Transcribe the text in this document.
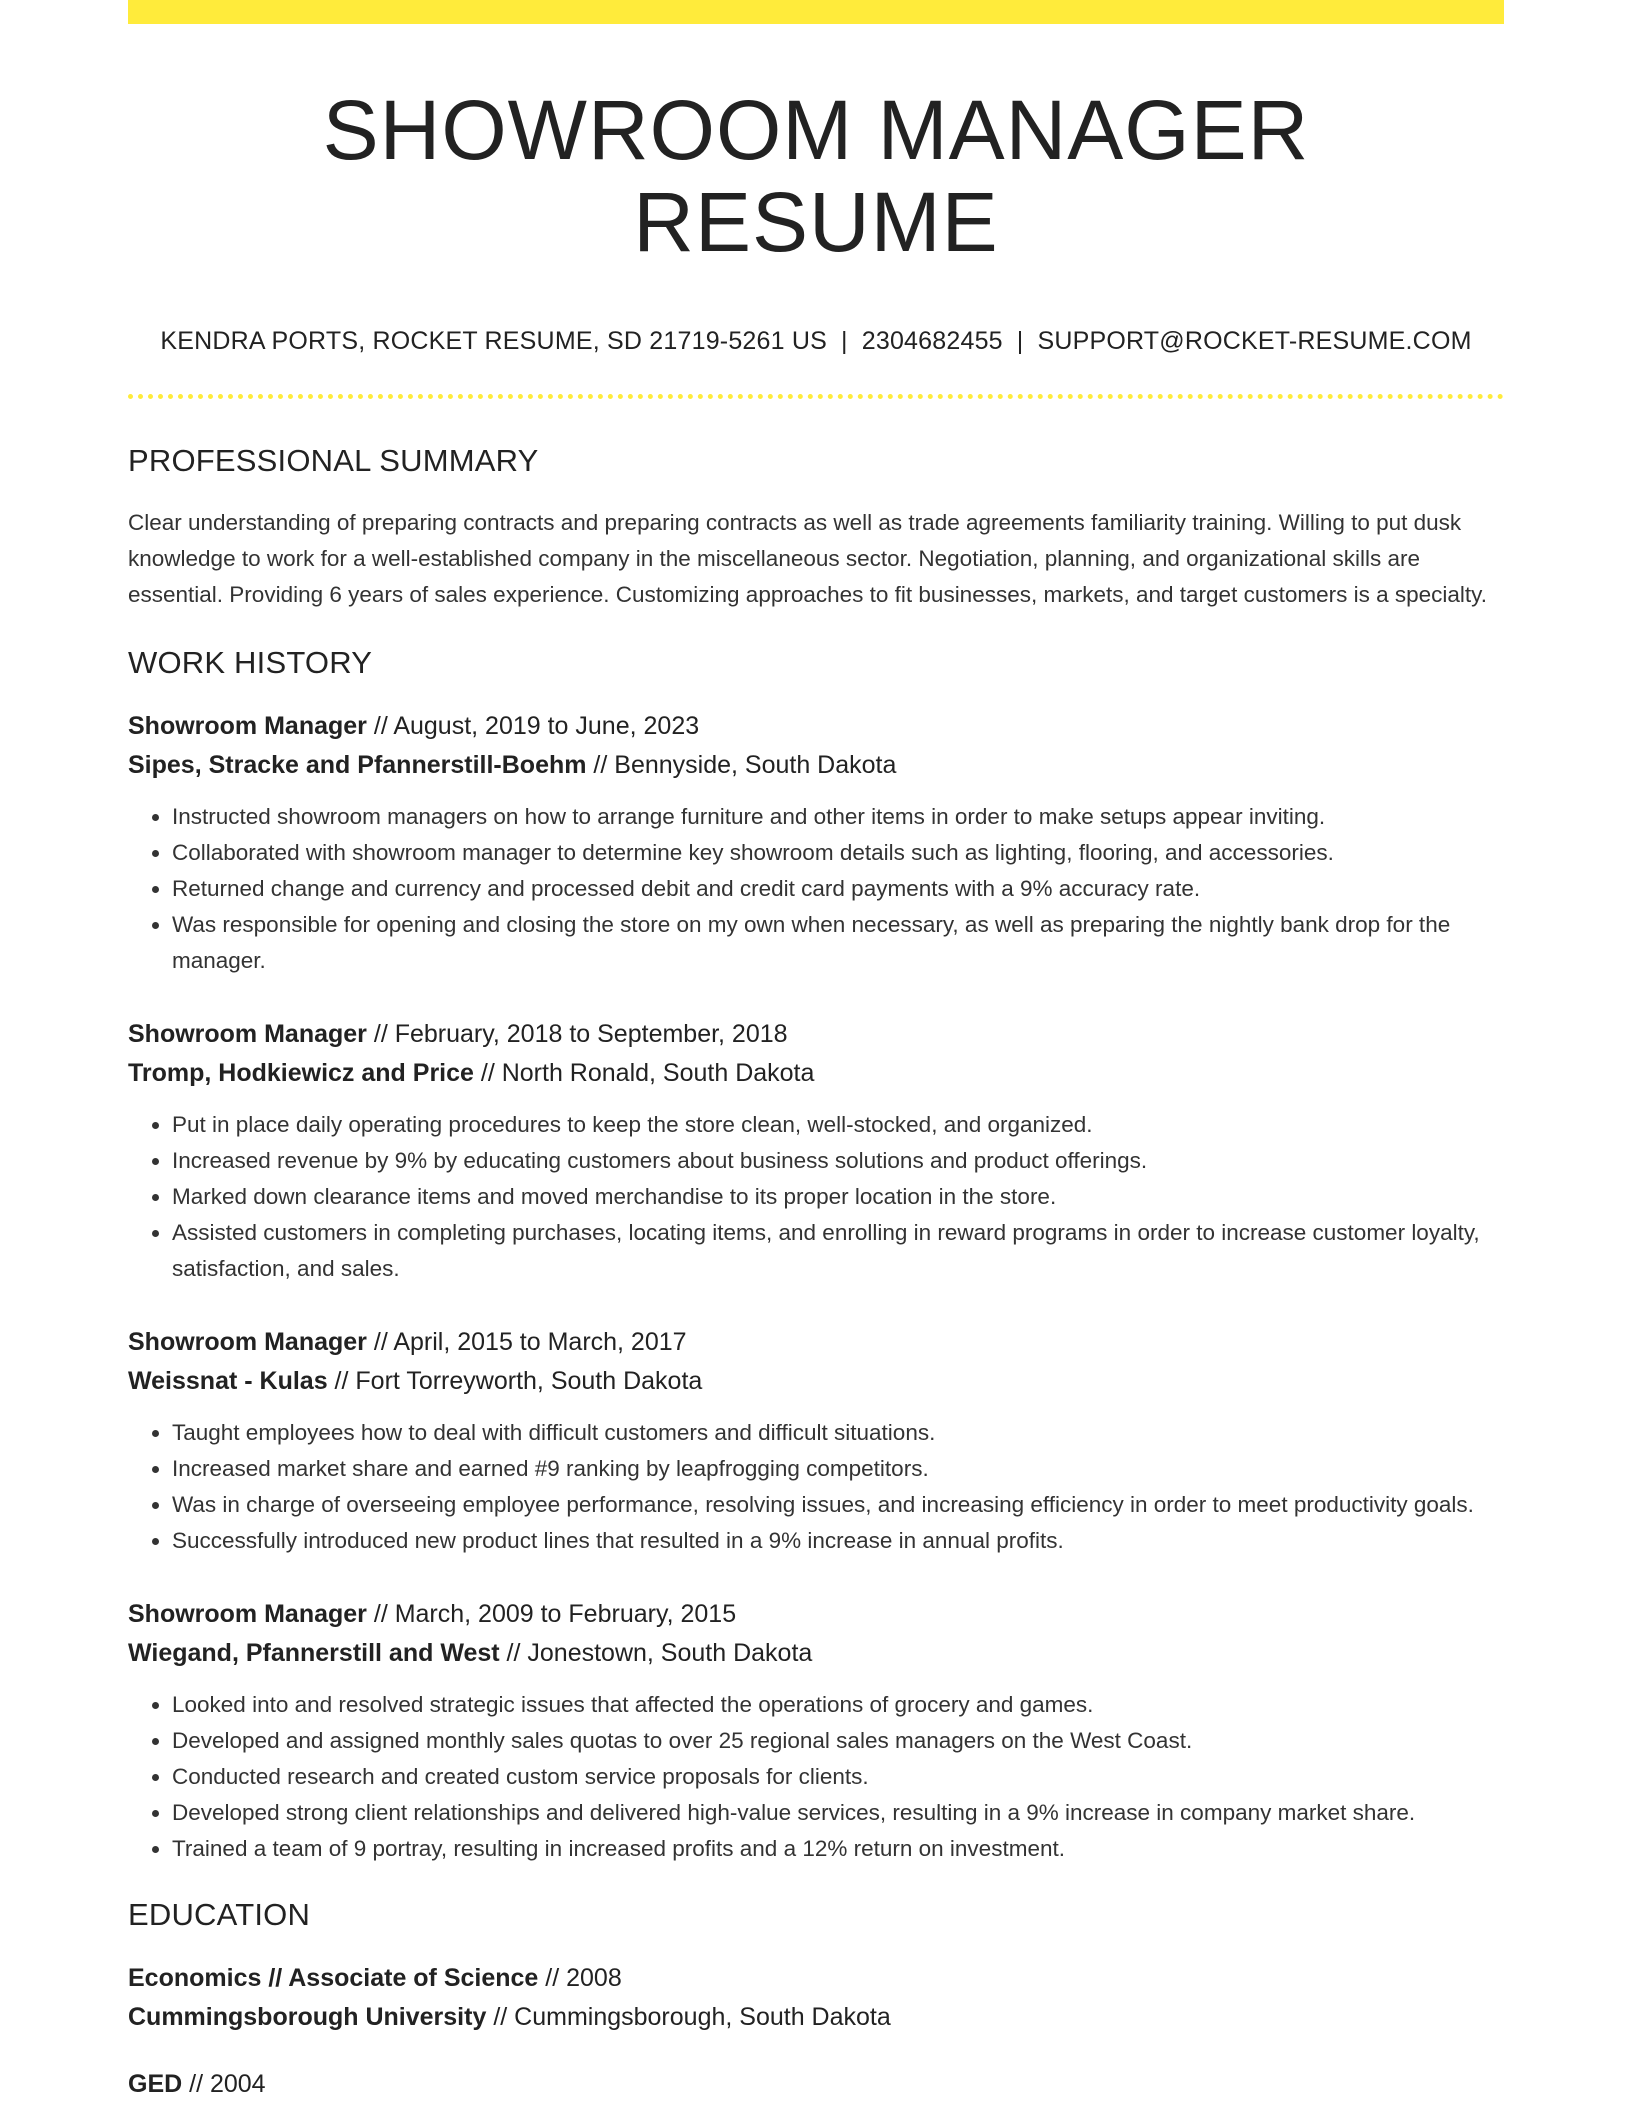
SHOWROOM MANAGER RESUME
KENDRA PORTS, ROCKET RESUME, SD 21719-5261 US | 2304682455 | SUPPORT@ROCKET-RESUME.COM
PROFESSIONAL SUMMARY
Clear understanding of preparing contracts and preparing contracts as well as trade agreements familiarity training. Willing to put dusk knowledge to work for a well-established company in the miscellaneous sector. Negotiation, planning, and organizational skills are essential. Providing 6 years of sales experience. Customizing approaches to fit businesses, markets, and target customers is a specialty.
WORK HISTORY
Showroom Manager // August, 2019 to June, 2023
Sipes, Stracke and Pfannerstill-Boehm // Bennyside, South Dakota
• Instructed showroom managers on how to arrange furniture and other items in order to make setups appear inviting.
• Collaborated with showroom manager to determine key showroom details such as lighting, flooring, and accessories.
• Returned change and currency and processed debit and credit card payments with a 9% accuracy rate.
• Was responsible for opening and closing the store on my own when necessary, as well as preparing the nightly bank drop for the manager.
Showroom Manager // February, 2018 to September, 2018
Tromp, Hodkiewicz and Price // North Ronald, South Dakota
• Put in place daily operating procedures to keep the store clean, well-stocked, and organized.
• Increased revenue by 9% by educating customers about business solutions and product offerings.
• Marked down clearance items and moved merchandise to its proper location in the store.
• Assisted customers in completing purchases, locating items, and enrolling in reward programs in order to increase customer loyalty, satisfaction, and sales.
Showroom Manager // April, 2015 to March, 2017
Weissnat - Kulas // Fort Torreyworth, South Dakota
• Taught employees how to deal with difficult customers and difficult situations.
• Increased market share and earned #9 ranking by leapfrogging competitors.
• Was in charge of overseeing employee performance, resolving issues, and increasing efficiency in order to meet productivity goals.
• Successfully introduced new product lines that resulted in a 9% increase in annual profits.
Showroom Manager // March, 2009 to February, 2015
Wiegand, Pfannerstill and West // Jonestown, South Dakota
• Looked into and resolved strategic issues that affected the operations of grocery and games.
• Developed and assigned monthly sales quotas to over 25 regional sales managers on the West Coast.
• Conducted research and created custom service proposals for clients.
• Developed strong client relationships and delivered high-value services, resulting in a 9% increase in company market share.
• Trained a team of 9 portray, resulting in increased profits and a 12% return on investment.
EDUCATION
Economics // Associate of Science // 2008
Cummingsborough University // Cummingsborough, South Dakota
GED // 2004
